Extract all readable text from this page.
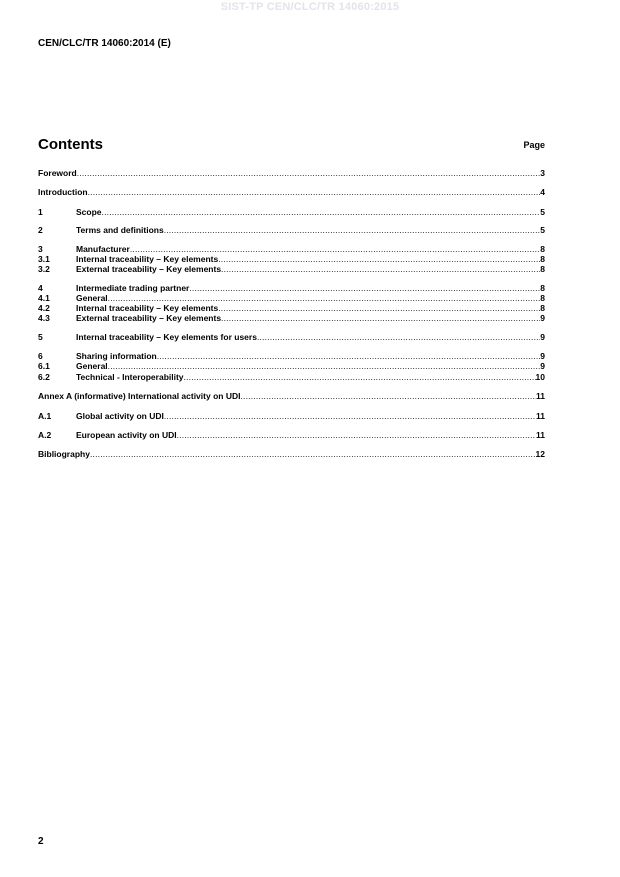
SIST-TP CEN/CLC/TR 14060:2015
CEN/CLC/TR 14060:2014 (E)
Contents	Page
Foreword .....	3
Introduction .....	4
1	Scope .....	5
2	Terms and definitions .....	5
3	Manufacturer .....	8
3.1	Internal traceability – Key elements .....	8
3.2	External traceability – Key elements .....	8
4	Intermediate trading partner .....	8
4.1	General .....	8
4.2	Internal traceability – Key elements .....	8
4.3	External traceability – Key elements .....	9
5	Internal traceability – Key elements for users .....	9
6	Sharing information .....	9
6.1	General .....	9
6.2	Technical - Interoperability .....	10
Annex A (informative) International activity on UDI .....	11
A.1	Global activity on UDI .....	11
A.2	European activity on UDI .....	11
Bibliography .....	12
2
